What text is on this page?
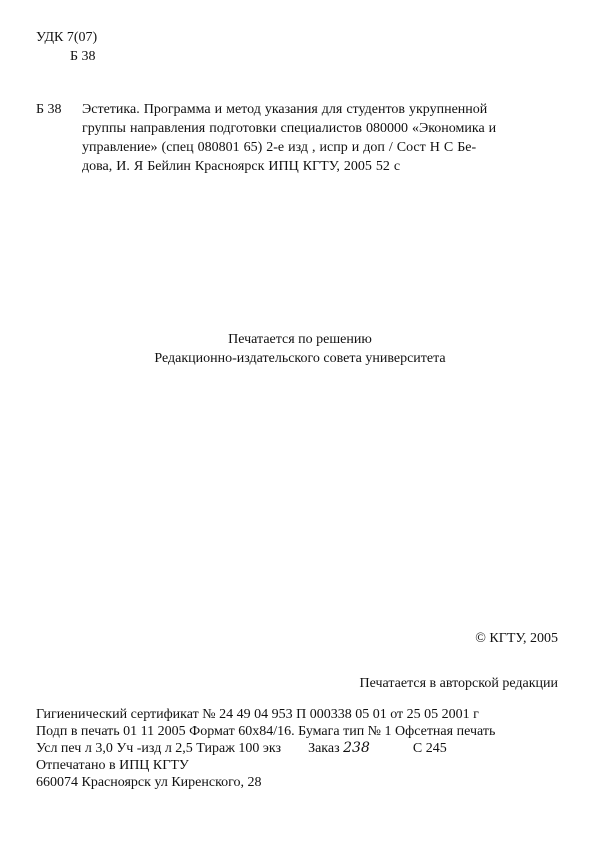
УДК 7(07)
Б 38
Б 38 Эстетика. Программа и метод указания для студентов укрупненной
группы направления подготовки специалистов 080000 «Экономика и
управление» (спец 080801 65) 2-е изд , испр и доп / Сост Н С Бе-
дова, И. Я Бейлин Красноярск ИПЦ КГТУ, 2005 52 с
Печатается по решению
Редакционно-издательского совета университета
© КГТУ, 2005
Печатается в авторской редакции
Гигиенический сертификат № 24 49 04 953 П 000338 05 01 от 25 05 2001 г
Подп в печать 01 11 2005 Формат 60x84/16. Бумага тип № 1 Офсетная печать
Усл печ л 3,0 Уч -изд л 2,5 Тираж 100 экз Заказ 238	С 245
Отпечатано в ИПЦ КГТУ
660074 Красноярск ул Киренского, 28
